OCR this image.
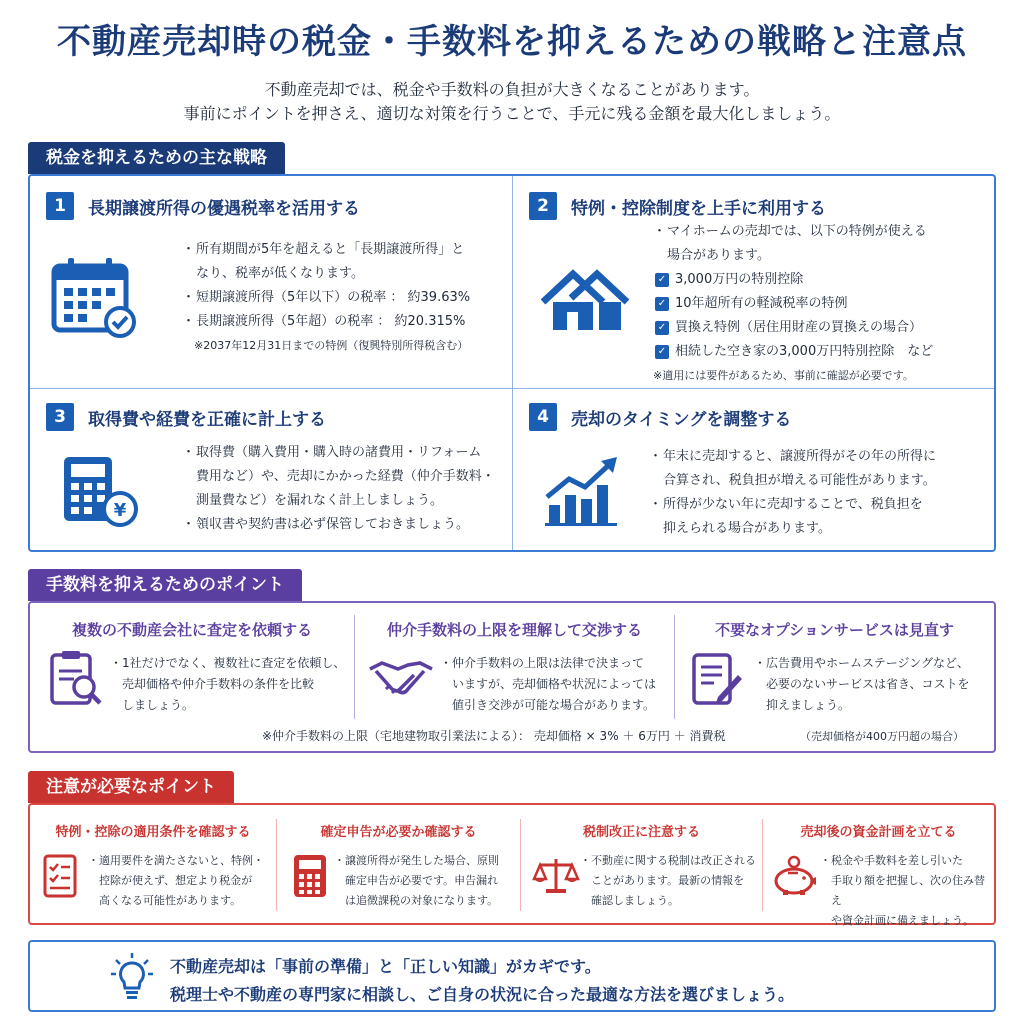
不動産売却時の税金・手数料を抑えるための戦略と注意点
不動産売却では、税金や手数料の負担が大きくなることがあります。
事前にポイントを押さえ、適切な対策を行うことで、手元に残る金額を最大化しましょう。
税金を抑えるための主な戦略
1	長期譲渡所得の優遇税率を活用する

・ 所有期間が5年を超えると「長期譲渡所得」と

なり、税率が低くなります。

・ 短期譲渡所得（5年以下）の税率 ： 約39.63%

・ 長期譲渡所得（5年超）の税率 ： 約20.315%

※2037年12月31日までの特例（復興特別所得税含む）

2	特例・控除制度を上手に利用する

・ マイホームの売却では、以下の特例が使える

場合があります。

✓ 3,000万円の特別控除

✓ 10年超所有の軽減税率の特例

✓ 買換え特例（居住用財産の買換えの場合）

✓ 相続した空き家の3,000万円特別控除　など

※適用には要件があるため、事前に確認が必要です。

3	取得費や経費を正確に計上する
¥

・ 取得費（購入費用・購入時の諸費用・リフォーム

費用など）や、売却にかかった経費（仲介手数料・

測量費など）を漏れなく計上しましょう。

・ 領収書や契約書は必ず保管しておきましょう。

4	売却のタイミングを調整する

・ 年末に売却すると、譲渡所得がその年の所得に

合算され、税負担が増える可能性があります。

・ 所得が少ない年に売却することで、税負担を

抑えられる場合があります。

手数料を抑えるためのポイント
複数の不動産会社に査定を依頼する

・ 1社だけでなく、複数社に査定を依頼し、

売却価格や仲介手数料の条件を比較
しましょう。
仲介手数料の上限を理解して交渉する

・ 仲介手数料の上限は法律で決まって

いますが、売却価格や状況によっては
値引き交渉が可能な場合があります。
不要なオプションサービスは見直す

・ 広告費用やホームステージングなど、

必要のないサービスは省き、コストを
抑えましょう。
※仲介手数料の上限（宅地建物取引業法による）： 売却価格 × 3% ＋ 6万円 ＋ 消費税	（売却価格が400万円超の場合）
注意が必要なポイント
特例・控除の適用条件を確認する

・ 適用要件を満たさないと、特例・

控除が使えず、想定より税金が
高くなる可能性があります。
確定申告が必要か確認する

・ 譲渡所得が発生した場合、原則

確定申告が必要です。申告漏れ
は追徴課税の対象になります。
税制改正に注意する

・ 不動産に関する税制は改正される

ことがあります。最新の情報を
確認しましょう。
売却後の資金計画を立てる

・ 税金や手数料を差し引いた

手取り額を把握し、次の住み替え
や資金計画に備えましょう。
不動産売却は「事前の準備」と「正しい知識」がカギです。
税理士や不動産の専門家に相談し、ご自身の状況に合った最適な方法を選びましょう。
